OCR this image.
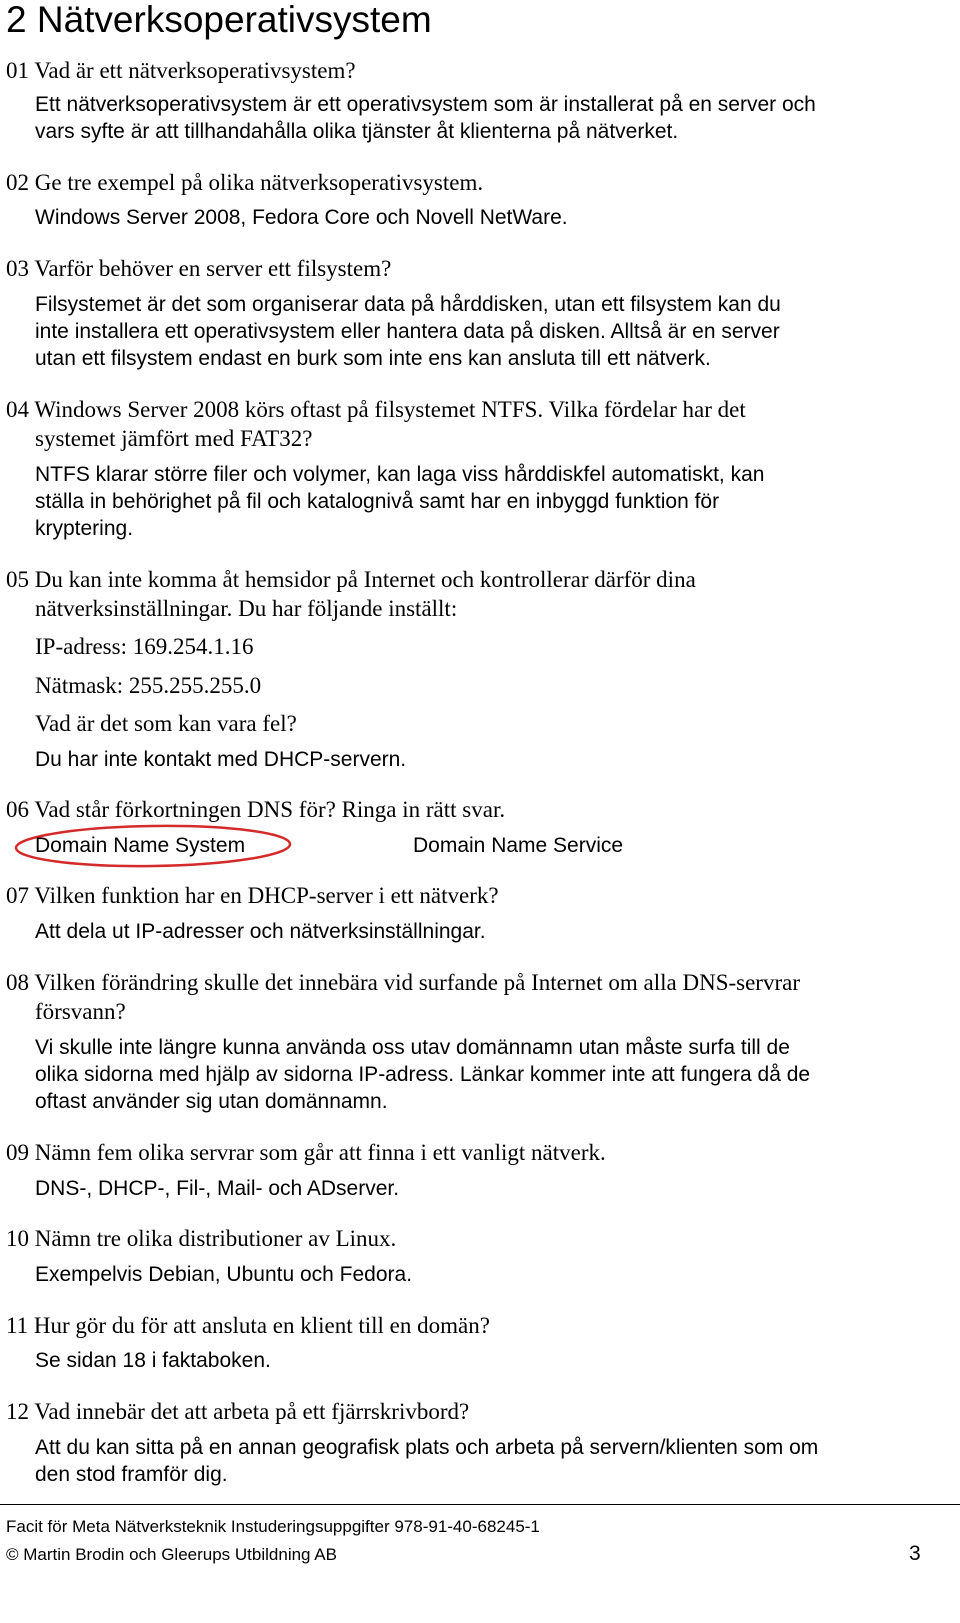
2 Nätverksoperativsystem
01 Vad är ett nätverksoperativsystem?
Ett nätverksoperativsystem är ett operativsystem som är installerat på en server och
vars syfte är att tillhandahålla olika tjänster åt klienterna på nätverket.
02 Ge tre exempel på olika nätverksoperativsystem.
Windows Server 2008, Fedora Core och Novell NetWare.
03 Varför behöver en server ett filsystem?
Filsystemet är det som organiserar data på hårddisken, utan ett filsystem kan du
inte installera ett operativsystem eller hantera data på disken. Alltså är en server
utan ett filsystem endast en burk som inte ens kan ansluta till ett nätverk.
04 Windows Server 2008 körs oftast på filsystemet NTFS. Vilka fördelar har det
systemet jämfört med FAT32?
NTFS klarar större filer och volymer, kan laga viss hårddiskfel automatiskt, kan
ställa in behörighet på fil och katalognivå samt har en inbyggd funktion för
kryptering.
05 Du kan inte komma åt hemsidor på Internet och kontrollerar därför dina
nätverksinställningar. Du har följande inställt:
IP-adress: 169.254.1.16
Nätmask: 255.255.255.0
Vad är det som kan vara fel?
Du har inte kontakt med DHCP-servern.
06 Vad står förkortningen DNS för? Ringa in rätt svar.
Domain Name System	Domain Name Service
07 Vilken funktion har en DHCP-server i ett nätverk?
Att dela ut IP-adresser och nätverksinställningar.
08 Vilken förändring skulle det innebära vid surfande på Internet om alla DNS-servrar
försvann?
Vi skulle inte längre kunna använda oss utav domännamn utan måste surfa till de
olika sidorna med hjälp av sidorna IP-adress. Länkar kommer inte att fungera då de
oftast använder sig utan domännamn.
09 Nämn fem olika servrar som går att finna i ett vanligt nätverk.
DNS-, DHCP-, Fil-, Mail- och ADserver.
10 Nämn tre olika distributioner av Linux.
Exempelvis Debian, Ubuntu och Fedora.
11 Hur gör du för att ansluta en klient till en domän?
Se sidan 18 i faktaboken.
12 Vad innebär det att arbeta på ett fjärrskrivbord?
Att du kan sitta på en annan geografisk plats och arbeta på servern/klienten som om
den stod framför dig.
Facit för Meta Nätverksteknik Instuderingsuppgifter 978-91-40-68245-1
© Martin Brodin och Gleerups Utbildning AB	3
